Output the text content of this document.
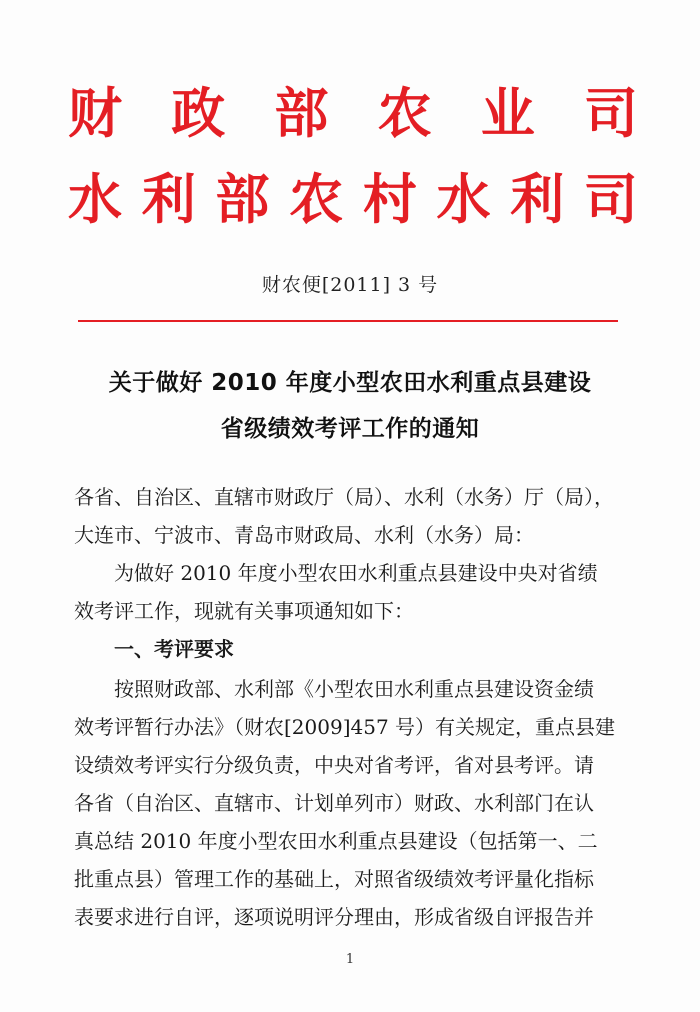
财 政 部 农 业 司
水 利 部 农 村 水 利 司
财农便[2011] 3 号
关于做好 2010 年度小型农田水利重点县建设
省级绩效考评工作的通知
各省、自治区、直辖市财政厅（局）、水利（水务）厅（局），
大连市、宁波市、青岛市财政局、水利（水务）局：
为做好 2010 年度小型农田水利重点县建设中央对省绩
效考评工作，现就有关事项通知如下：
一、考评要求
按照财政部、水利部《小型农田水利重点县建设资金绩
效考评暂行办法》（财农[2009]457 号）有关规定，重点县建
设绩效考评实行分级负责，中央对省考评，省对县考评。请
各省（自治区、直辖市、计划单列市）财政、水利部门在认
真总结 2010 年度小型农田水利重点县建设（包括第一、二
批重点县）管理工作的基础上，对照省级绩效考评量化指标
表要求进行自评，逐项说明评分理由，形成省级自评报告并
1
